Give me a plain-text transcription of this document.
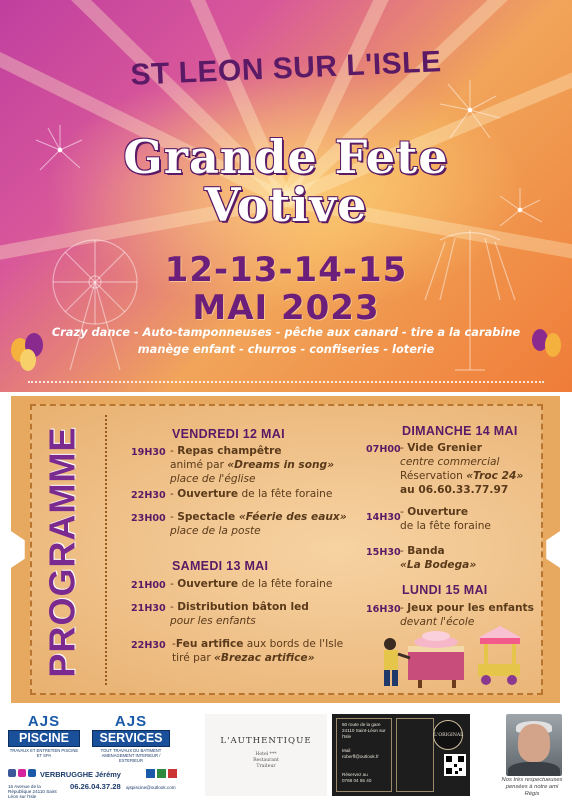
ST LEON SUR L'ISLE
Grande Fete
Votive
12-13-14-15
MAI 2023
Crazy dance - Auto-tamponneuses - pêche aux canard - tire a la carabine
manège enfant - churros - confiseries - loterie
PROGRAMME	VENDREDI 12 MAI
19H30 - Repas champêtre
animé par «Dreams in song»
place de l'église
22H30 - Ouverture de la fête foraine
23H00 - Spectacle «Féerie des eaux»
place de la poste
SAMEDI 13 MAI
21H00 - Ouverture de la fête foraine
21H30 - Distribution bâton led
pour les enfants
22H30 -Feu artifice aux bords de l'Isle
tiré par «Brezac artifice»
DIMANCHE 14 MAI
07H00 - Vide Grenier
centre commercial
Réservation «Troc 24»
au 06.60.33.77.97
14H30 - Ouverture
de la fête foraine
15H30 - Banda
«La Bodega»
LUNDI 15 MAI
16H30 - Jeux pour les enfants
devant l'école
AJS
PISCINE
TRAVAUX ET ENTRETIEN PISCINE ET SPA
AJS
SERVICES
TOUT TRAVAUX DU BATIMENT AMENAGEMENT INTERIEUR / EXTERIEUR
VERBRUGGHE Jérémy
16 Avenue de la République 24110 Saint Léon sur l'Isle
06.26.04.37.28 ajspiscine@outlook.com
L'AUTHENTIQUE
Hotel ***
Restaurant
Traiteur
60 route de la gare
24110 Saint-Léon sur l'Isle
Mail
roberff@outlook.fr
Réservez au
0768 04 55 40
L'ORIGINAL
Nos très respectueuses
pensées à notre ami
Régis
